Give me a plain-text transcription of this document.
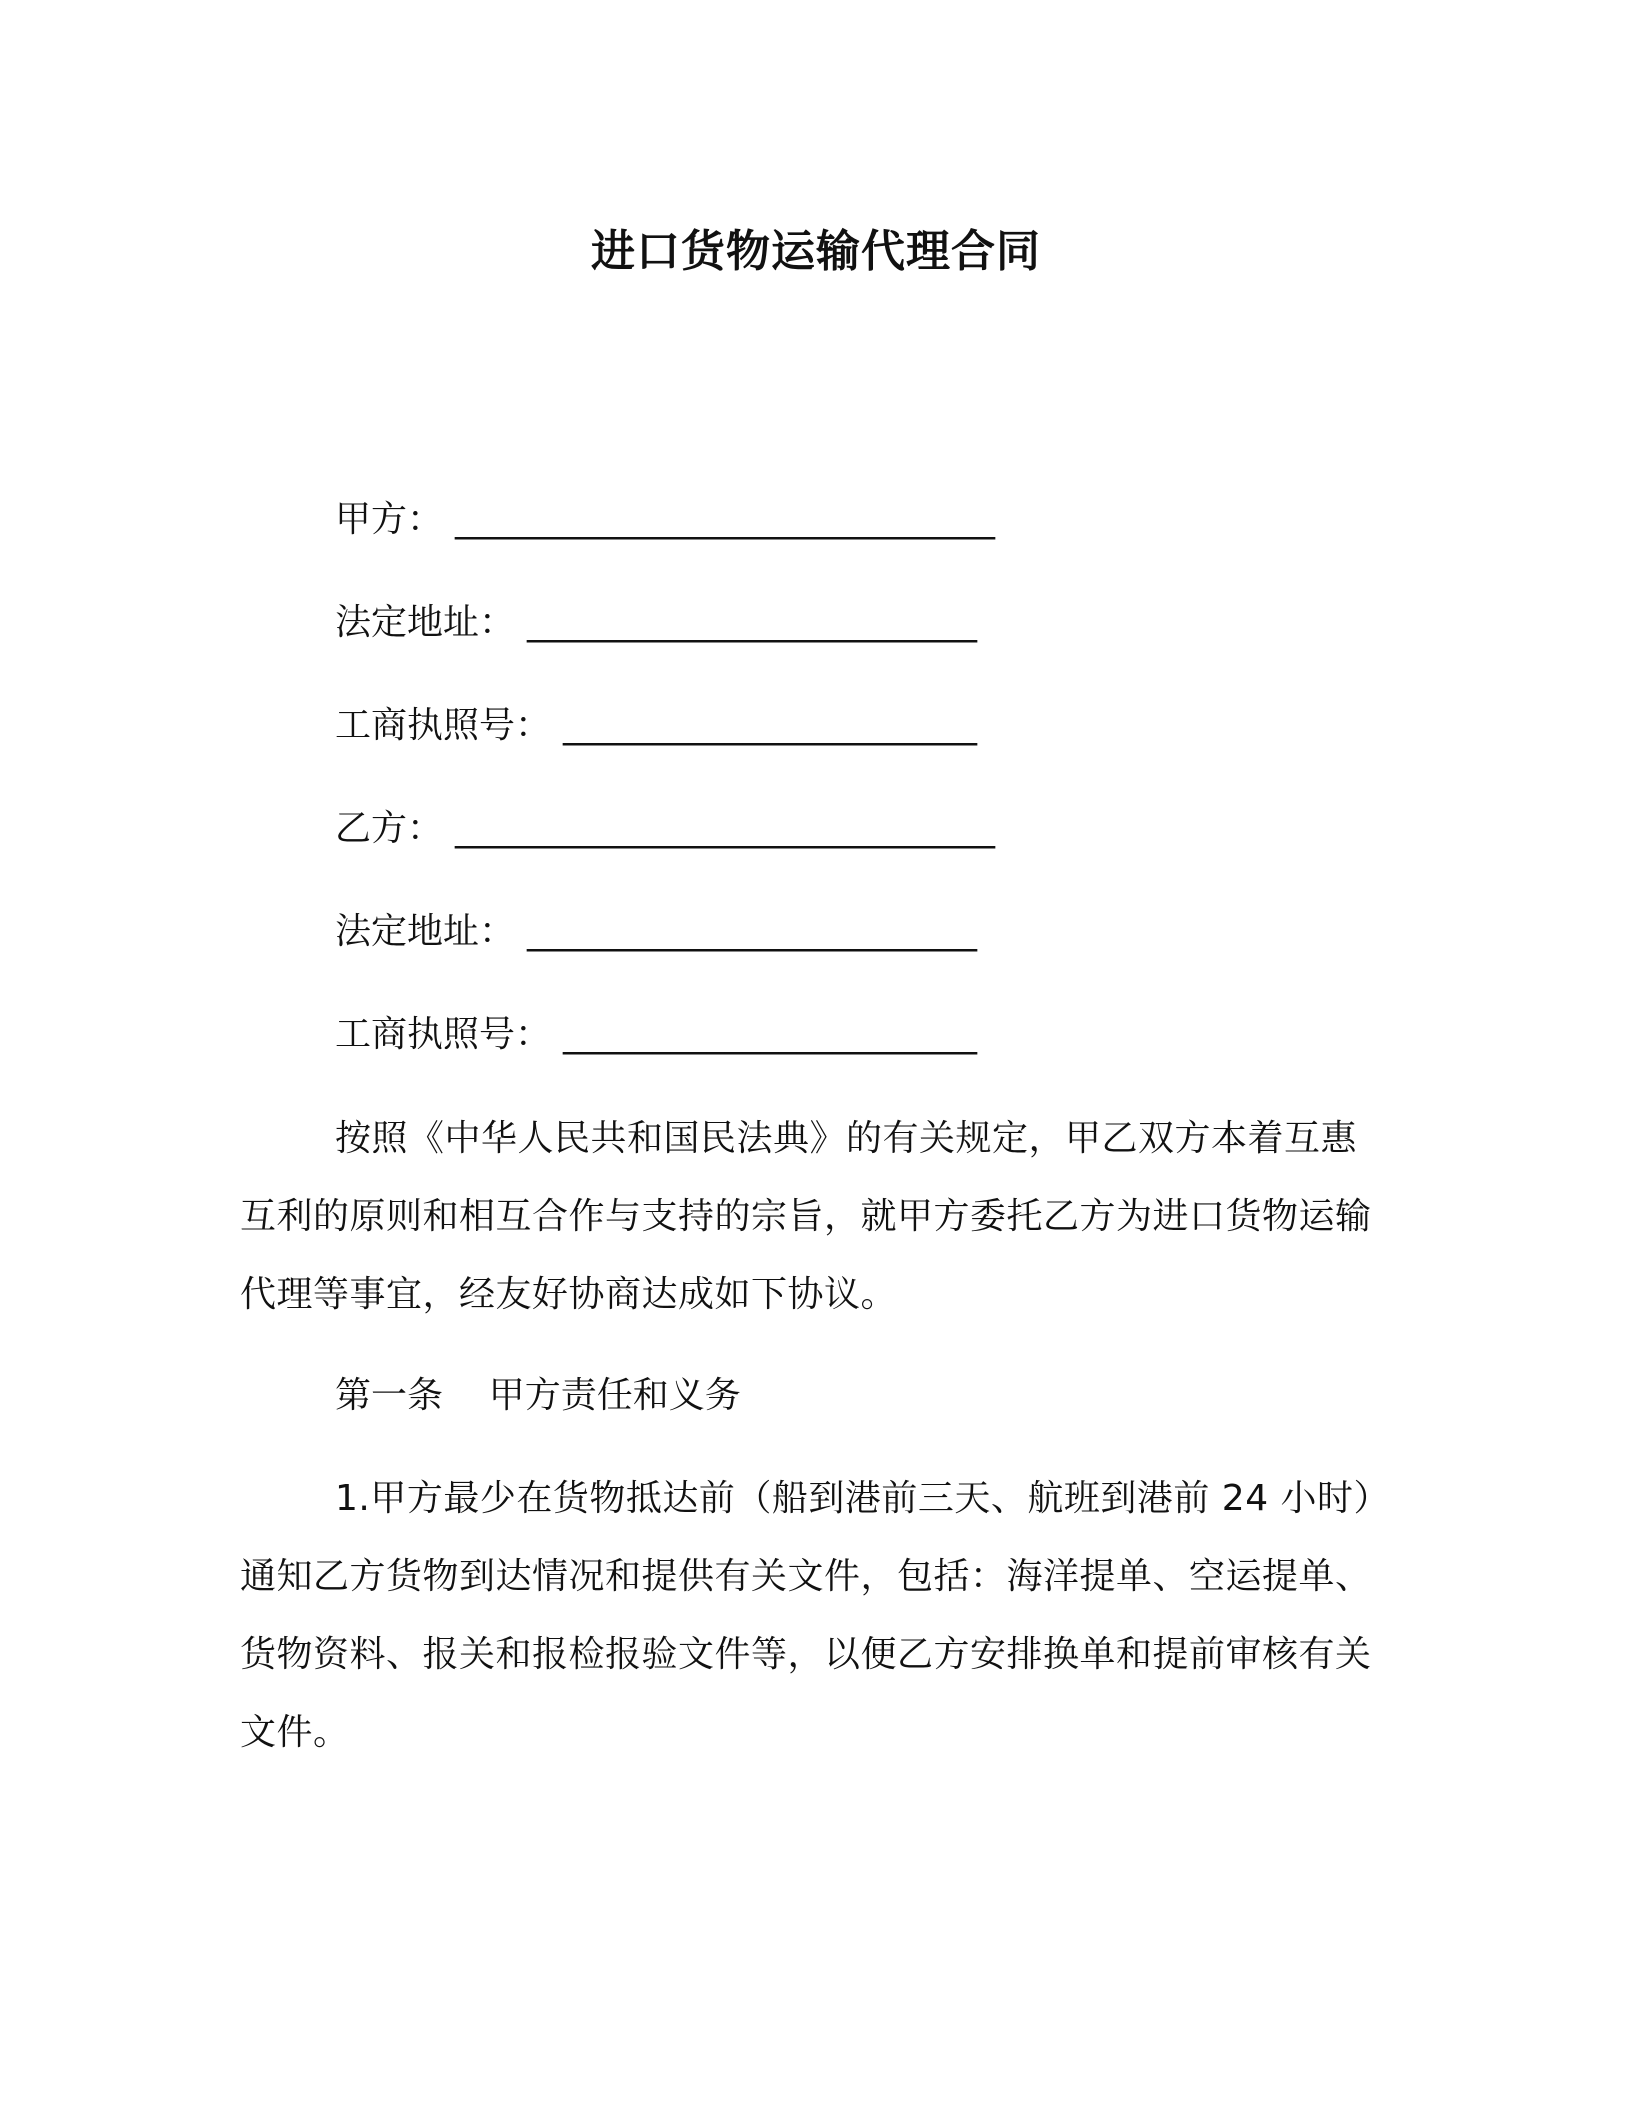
进口货物运输代理合同
甲方： ______________________________
法定地址： _________________________
工商执照号： _______________________
乙方： ______________________________
法定地址： _________________________
工商执照号： _______________________
按照《中华人民共和国民法典》的有关规定，甲乙双方本着互惠互利的原则和相互合作与支持的宗旨，就甲方委托乙方为进口货物运输代理等事宜，经友好协商达成如下协议。
第一条    甲方责任和义务
1.甲方最少在货物抵达前（船到港前三天、航班到港前 24 小时）通知乙方货物到达情况和提供有关文件，包括：海洋提单、空运提单、货物资料、报关和报检报验文件等，以便乙方安排换单和提前审核有关文件。
